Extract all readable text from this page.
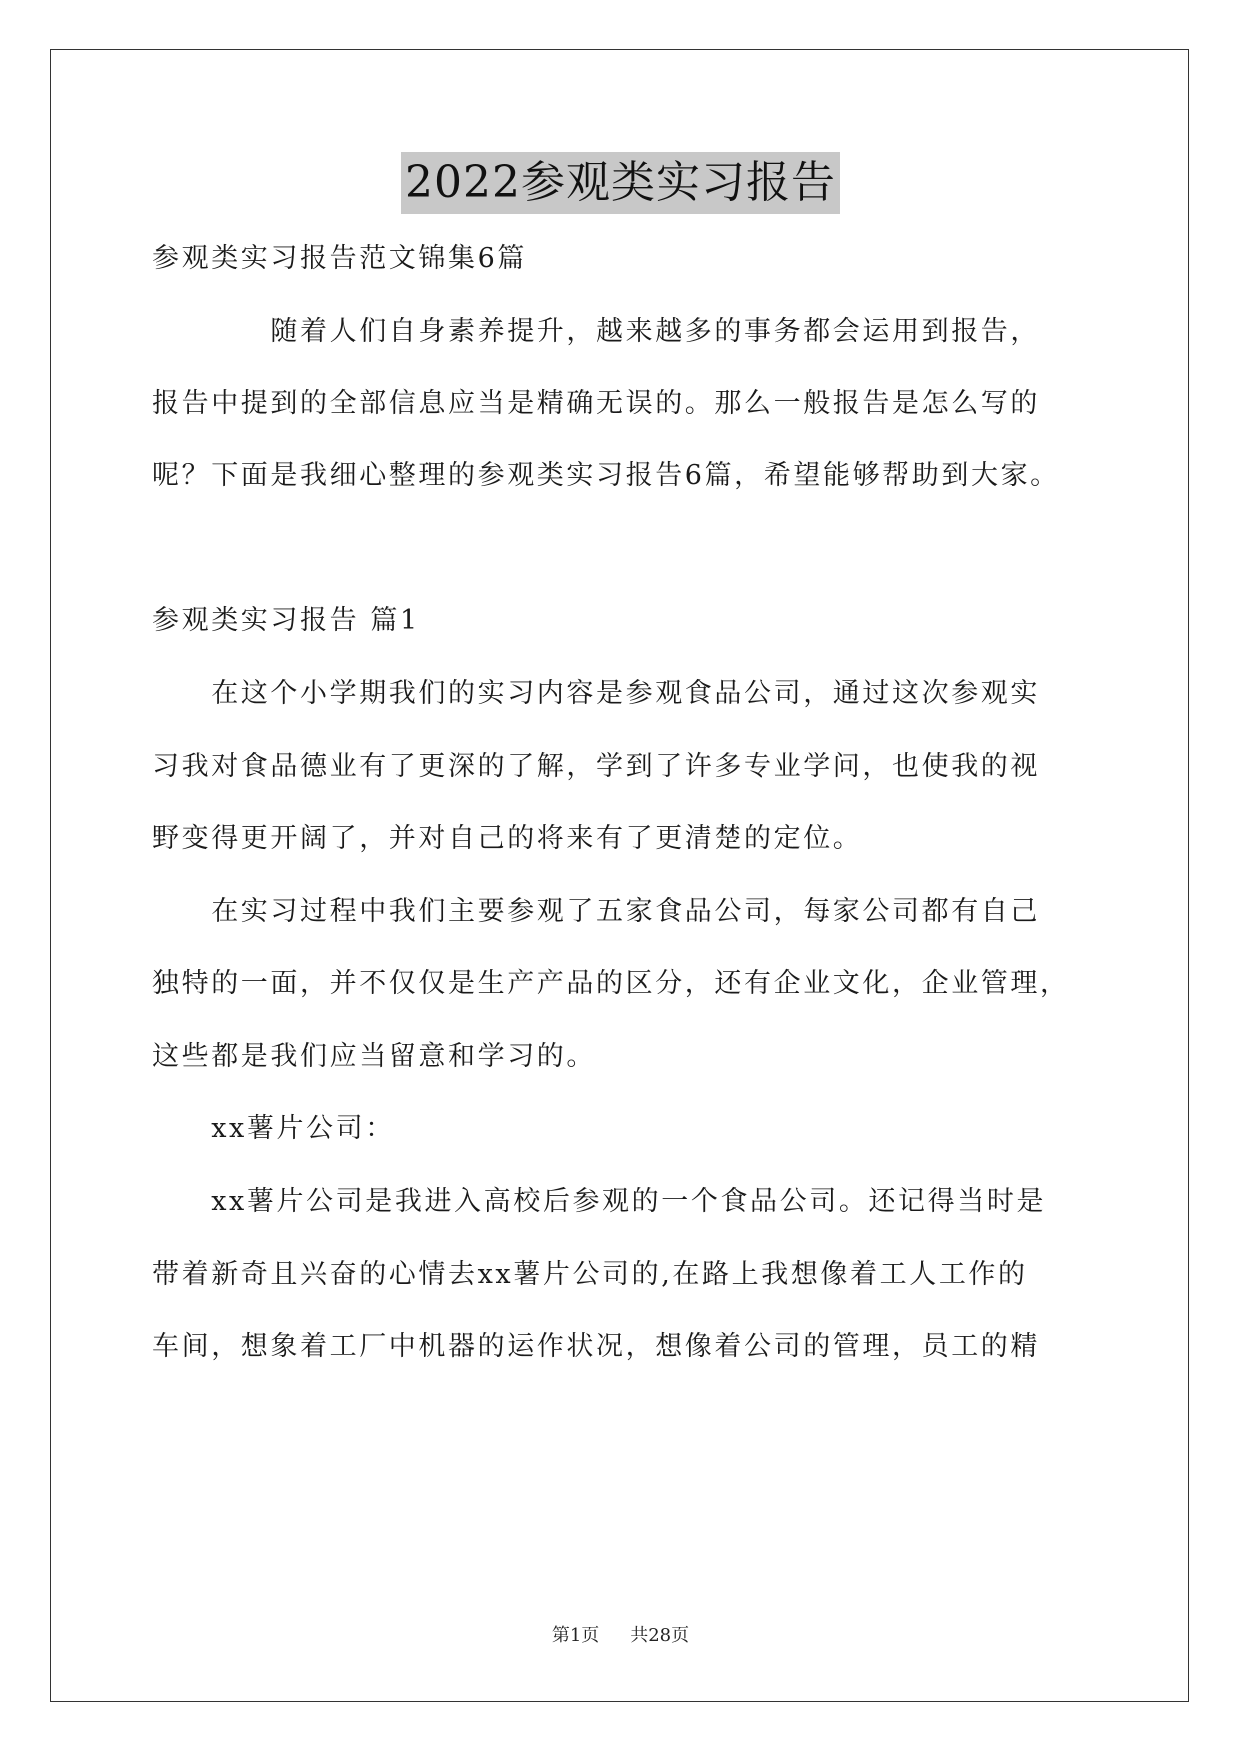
2022参观类实习报告
参观类实习报告范文锦集6篇
　　　　随着人们自身素养提升，越来越多的事务都会运用到报告，
报告中提到的全部信息应当是精确无误的。那么一般报告是怎么写的
呢？下面是我细心整理的参观类实习报告6篇，希望能够帮助到大家。
参观类实习报告 篇1
　　在这个小学期我们的实习内容是参观食品公司，通过这次参观实
习我对食品德业有了更深的了解，学到了许多专业学问，也使我的视
野变得更开阔了，并对自己的将来有了更清楚的定位。
　　在实习过程中我们主要参观了五家食品公司，每家公司都有自己
独特的一面，并不仅仅是生产产品的区分，还有企业文化，企业管理，
这些都是我们应当留意和学习的。
　　xx薯片公司：
　　xx薯片公司是我进入高校后参观的一个食品公司。还记得当时是
带着新奇且兴奋的心情去xx薯片公司的,在路上我想像着工人工作的
车间，想象着工厂中机器的运作状况，想像着公司的管理，员工的精
第1页 共28页
